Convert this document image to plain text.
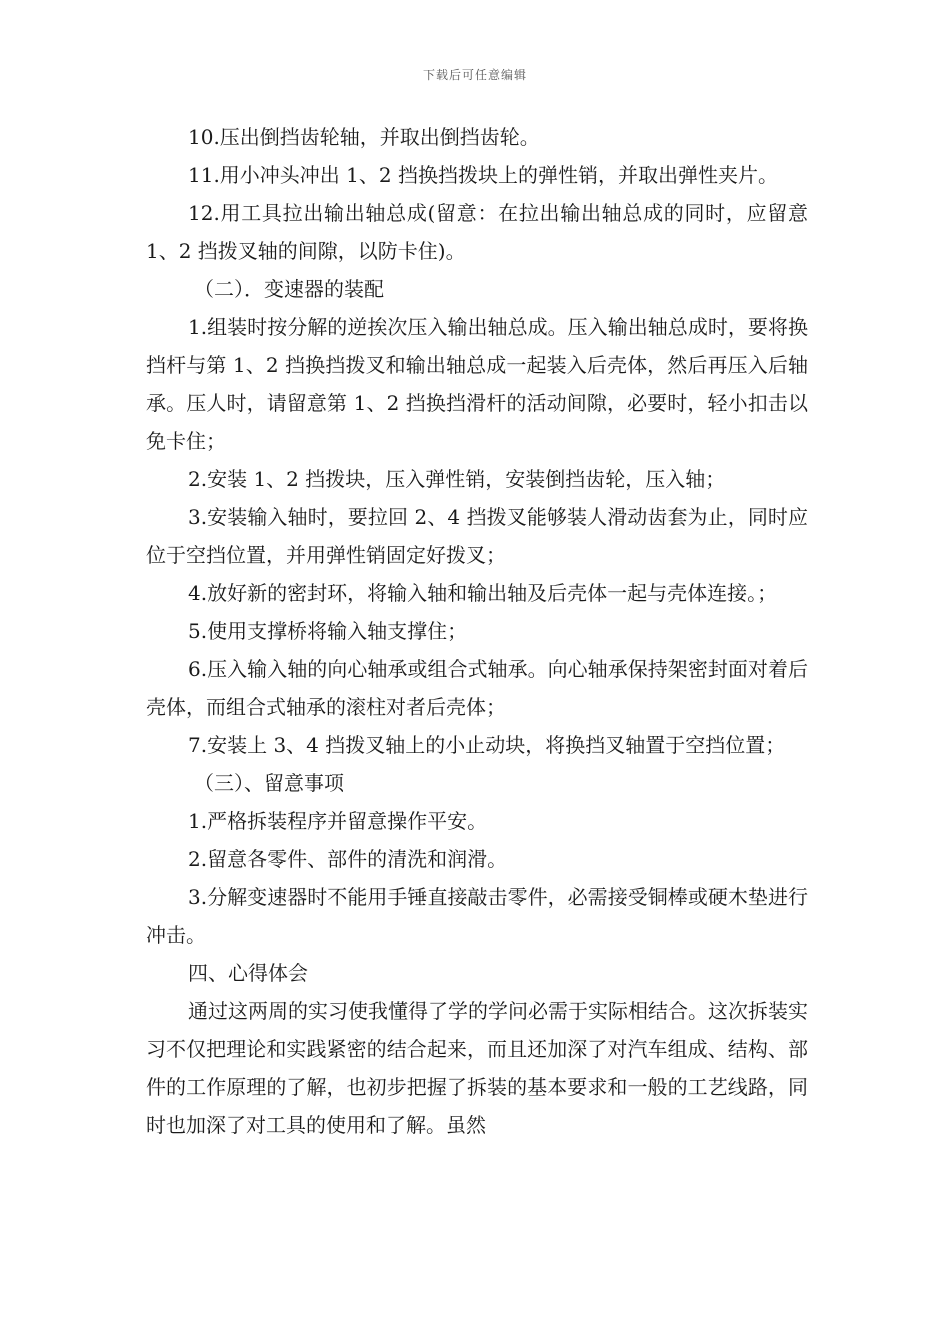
下载后可任意编辑

10.压出倒挡齿轮轴，并取出倒挡齿轮。

11.用小冲头冲出 1、2 挡换挡拨块上的弹性销，并取出弹性夹片。

12.用工具拉出输出轴总成(留意：在拉出输出轴总成的同时，应留意 1、2 挡拨叉轴的间隙，以防卡住)。

（二）．变速器的装配

1.组装时按分解的逆挨次压入输出轴总成。压入输出轴总成时，要将换挡杆与第 1、2 挡换挡拨叉和输出轴总成一起装入后壳体，然后再压入后轴承。压人时，请留意第 1、2 挡换挡滑杆的活动间隙，必要时，轻小扣击以免卡住；

2.安装 1、2 挡拨块，压入弹性销，安装倒挡齿轮，压入轴；

3.安装输入轴时，要拉回 2、4 挡拨叉能够装人滑动齿套为止，同时应位于空挡位置，并用弹性销固定好拨叉；

4.放好新的密封环，将输入轴和输出轴及后壳体一起与壳体连接。；

5.使用支撑桥将输入轴支撑住；

6.压入输入轴的向心轴承或组合式轴承。向心轴承保持架密封面对着后壳体，而组合式轴承的滚柱对者后壳体；

7.安装上 3、4 挡拨叉轴上的小止动块，将换挡叉轴置于空挡位置；

（三）、留意事项

1.严格拆装程序并留意操作平安。

2.留意各零件、部件的清洗和润滑。

3.分解变速器时不能用手锤直接敲击零件，必需接受铜棒或硬木垫进行冲击。

四、心得体会

通过这两周的实习使我懂得了学的学问必需于实际相结合。这次拆装实习不仅把理论和实践紧密的结合起来，而且还加深了对汽车组成、结构、部件的工作原理的了解，也初步把握了拆装的基本要求和一般的工艺线路，同时也加深了对工具的使用和了解。虽然
